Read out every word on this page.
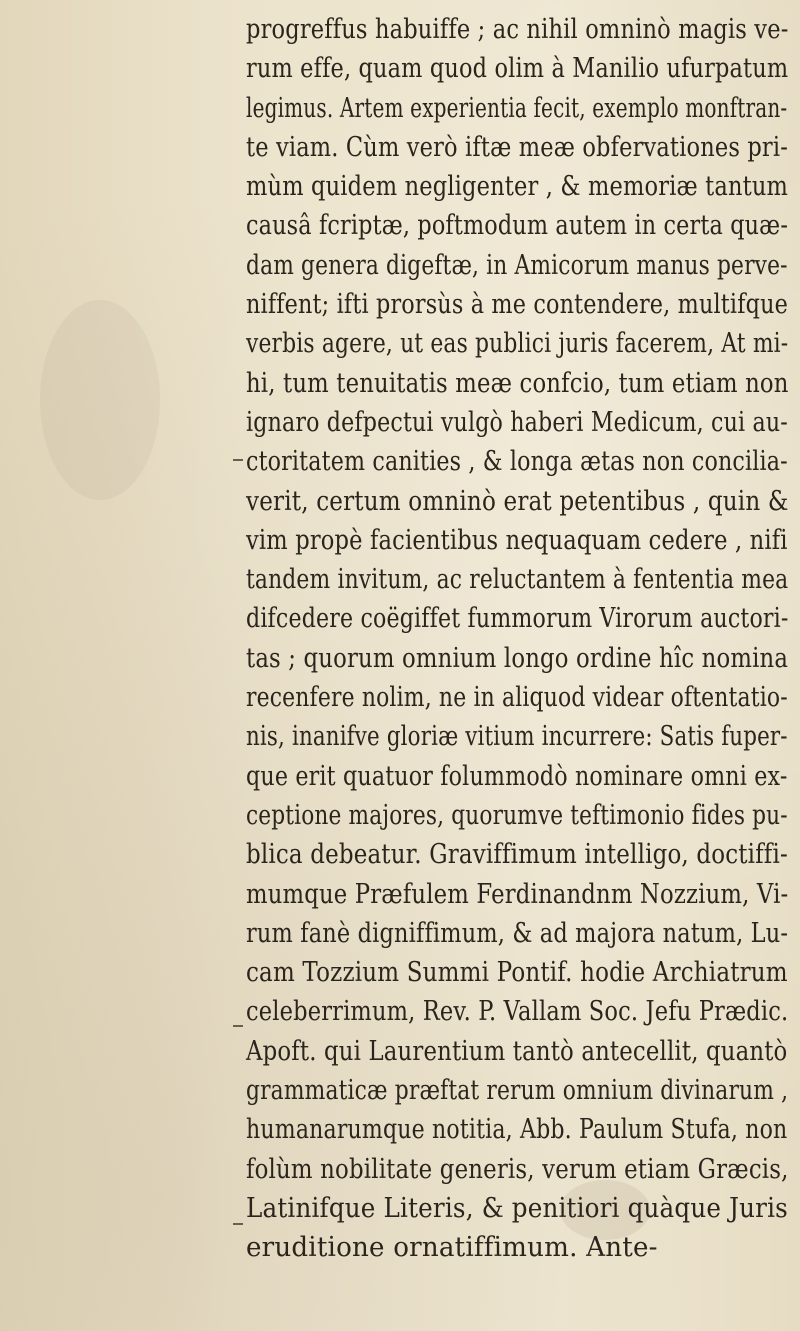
progreffus habuiffe ; ac nihil omninò magis ve-
rum effe, quam quod olim à Manilio ufurpatum
legimus. Artem experientia fecit, exemplo monftran-
te viam. Cùm verò iftæ meæ obfervationes pri-
mùm quidem negligenter , & memoriæ tantum
causâ fcriptæ, poftmodum autem in certa quæ-
dam genera digeftæ, in Amicorum manus perve-
niffent; ifti prorsùs à me contendere, multifque
verbis agere, ut eas publici juris facerem, At mi-
hi, tum tenuitatis meæ confcio, tum etiam non
ignaro defpectui vulgò haberi Medicum, cui au-
ctoritatem canities , & longa ætas non concilia-
verit, certum omninò erat petentibus , quin &
vim propè facientibus nequaquam cedere , nifi
tandem invitum, ac reluctantem à fententia mea
difcedere coëgiffet fummorum Virorum auctori-
tas ; quorum omnium longo ordine hîc nomina
recenfere nolim, ne in aliquod videar oftentatio-
nis, inanifve gloriæ vitium incurrere: Satis fuper-
que erit quatuor folummodò nominare omni ex-
ceptione majores, quorumve teftimonio fides pu-
blica debeatur. Graviffimum intelligo, doctiffi-
mumque Præfulem Ferdinandnm Nozzium, Vi-
rum fanè digniffimum, & ad majora natum, Lu-
cam Tozzium Summi Pontif. hodie Archiatrum
celeberrimum, Rev. P. Vallam Soc. Jefu Prædic.
Apoft. qui Laurentium tantò antecellit, quantò
grammaticæ præftat rerum omnium divinarum ,
humanarumque notitia, Abb. Paulum Stufa, non
folùm nobilitate generis, verum etiam Græcis,
Latinifque Literis, & penitiori quàque Juris
eruditione ornatiffimum. Ante-
